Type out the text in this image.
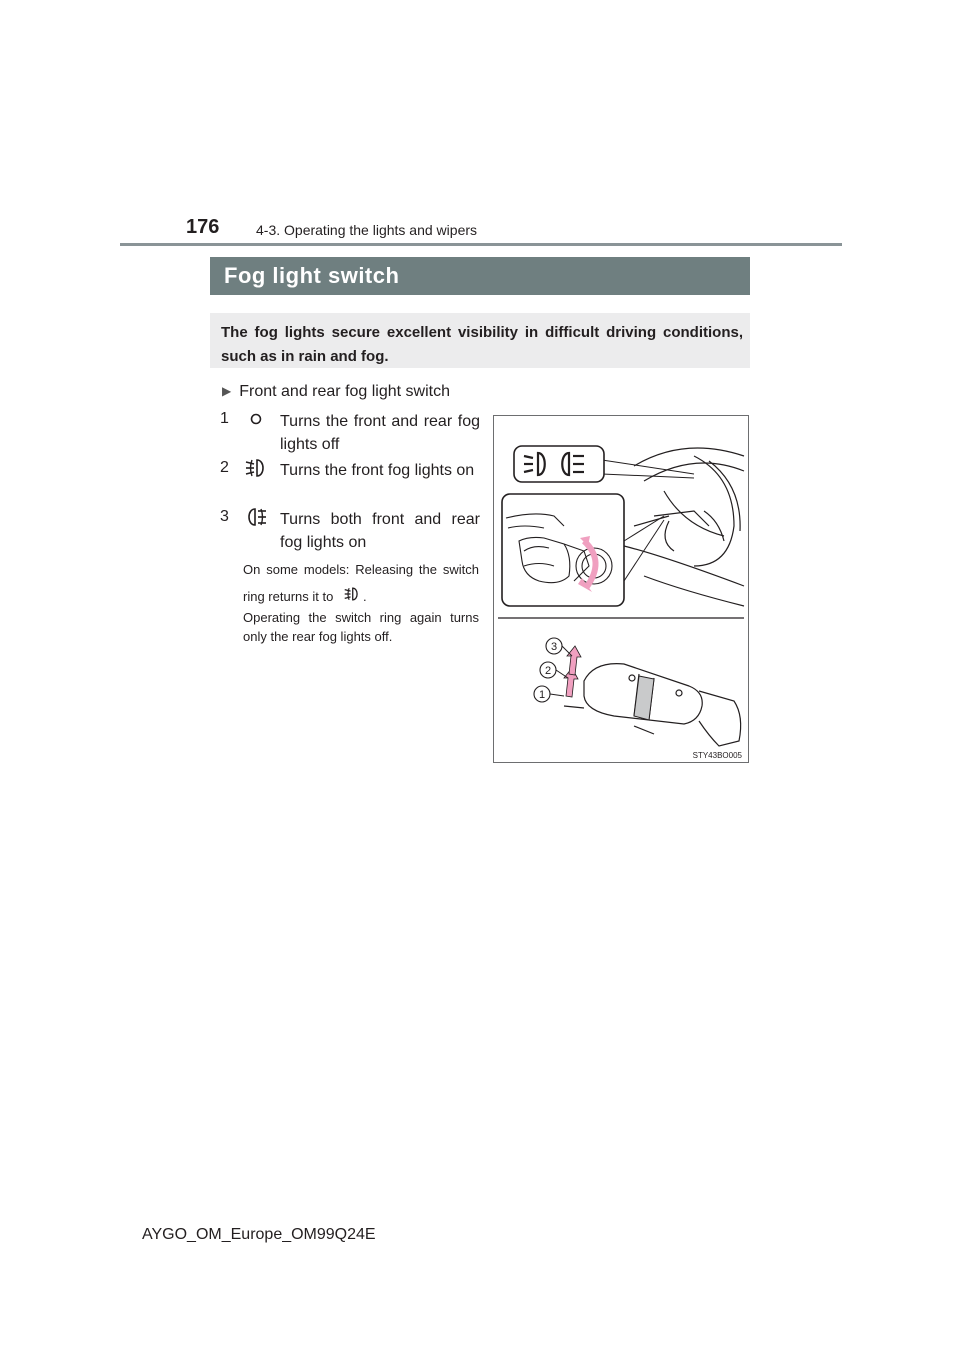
176	4-3. Operating the lights and wipers
Fog light switch
The fog lights secure excellent visibility in difficult driving conditions, such as in rain and fog.
▶ Front and rear fog light switch
1	Turns the front and rear fog lights off
2	Turns the front fog lights on
3	Turns both front and rear fog lights on
On some models: Releasing the switch ring returns it to .
Operating the switch ring again turns only the rear fog lights off.
3
2
1
STY43BO005
AYGO_OM_Europe_OM99Q24E
